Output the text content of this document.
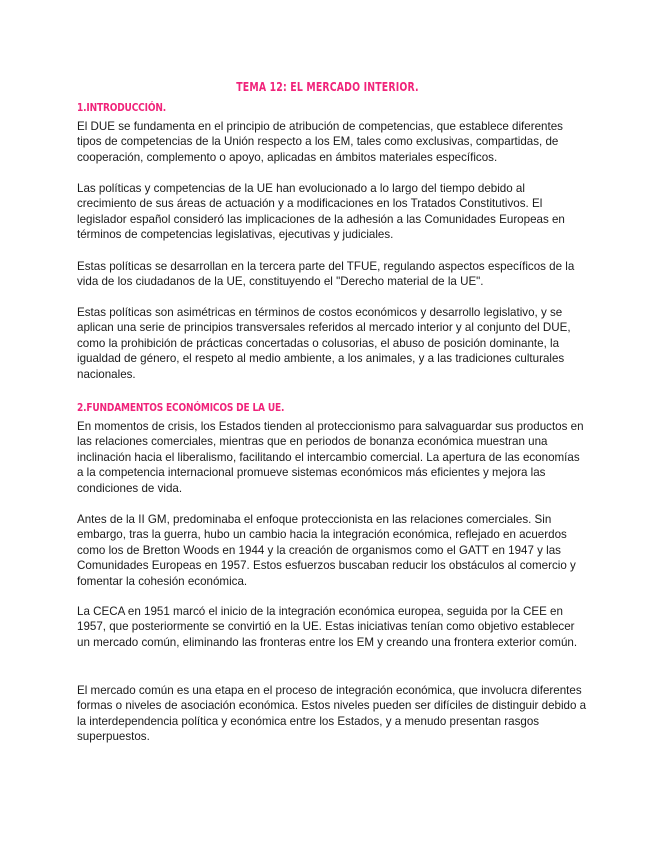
TEMA 12: EL MERCADO INTERIOR.
1.INTRODUCCIÓN.

El DUE se fundamenta en el principio de atribución de competencias, que establece diferentes tipos de competencias de la Unión respecto a los EM, tales como exclusivas, compartidas, de cooperación, complemento o apoyo, aplicadas en ámbitos materiales específicos.

Las políticas y competencias de la UE han evolucionado a lo largo del tiempo debido al crecimiento de sus áreas de actuación y a modificaciones en los Tratados Constitutivos. El legislador español consideró las implicaciones de la adhesión a las Comunidades Europeas en términos de competencias legislativas, ejecutivas y judiciales.

Estas políticas se desarrollan en la tercera parte del TFUE, regulando aspectos específicos de la vida de los ciudadanos de la UE, constituyendo el "Derecho material de la UE".

Estas políticas son asimétricas en términos de costos económicos y desarrollo legislativo, y se aplican una serie de principios transversales referidos al mercado interior y al conjunto del DUE, como la prohibición de prácticas concertadas o colusorias, el abuso de posición dominante, la igualdad de género, el respeto al medio ambiente, a los animales, y a las tradiciones culturales nacionales.

2.FUNDAMENTOS ECONÓMICOS DE LA UE.

En momentos de crisis, los Estados tienden al proteccionismo para salvaguardar sus productos en las relaciones comerciales, mientras que en periodos de bonanza económica muestran una inclinación hacia el liberalismo, facilitando el intercambio comercial. La apertura de las economías a la competencia internacional promueve sistemas económicos más eficientes y mejora las condiciones de vida.

Antes de la II GM, predominaba el enfoque proteccionista en las relaciones comerciales. Sin embargo, tras la guerra, hubo un cambio hacia la integración económica, reflejado en acuerdos como los de Bretton Woods en 1944 y la creación de organismos como el GATT en 1947 y las Comunidades Europeas en 1957. Estos esfuerzos buscaban reducir los obstáculos al comercio y fomentar la cohesión económica.

La CECA en 1951 marcó el inicio de la integración económica europea, seguida por la CEE en 1957, que posteriormente se convirtió en la UE. Estas iniciativas tenían como objetivo establecer un mercado común, eliminando las fronteras entre los EM y creando una frontera exterior común.

El mercado común es una etapa en el proceso de integración económica, que involucra diferentes formas o niveles de asociación económica. Estos niveles pueden ser difíciles de distinguir debido a la interdependencia política y económica entre los Estados, y a menudo presentan rasgos superpuestos.
